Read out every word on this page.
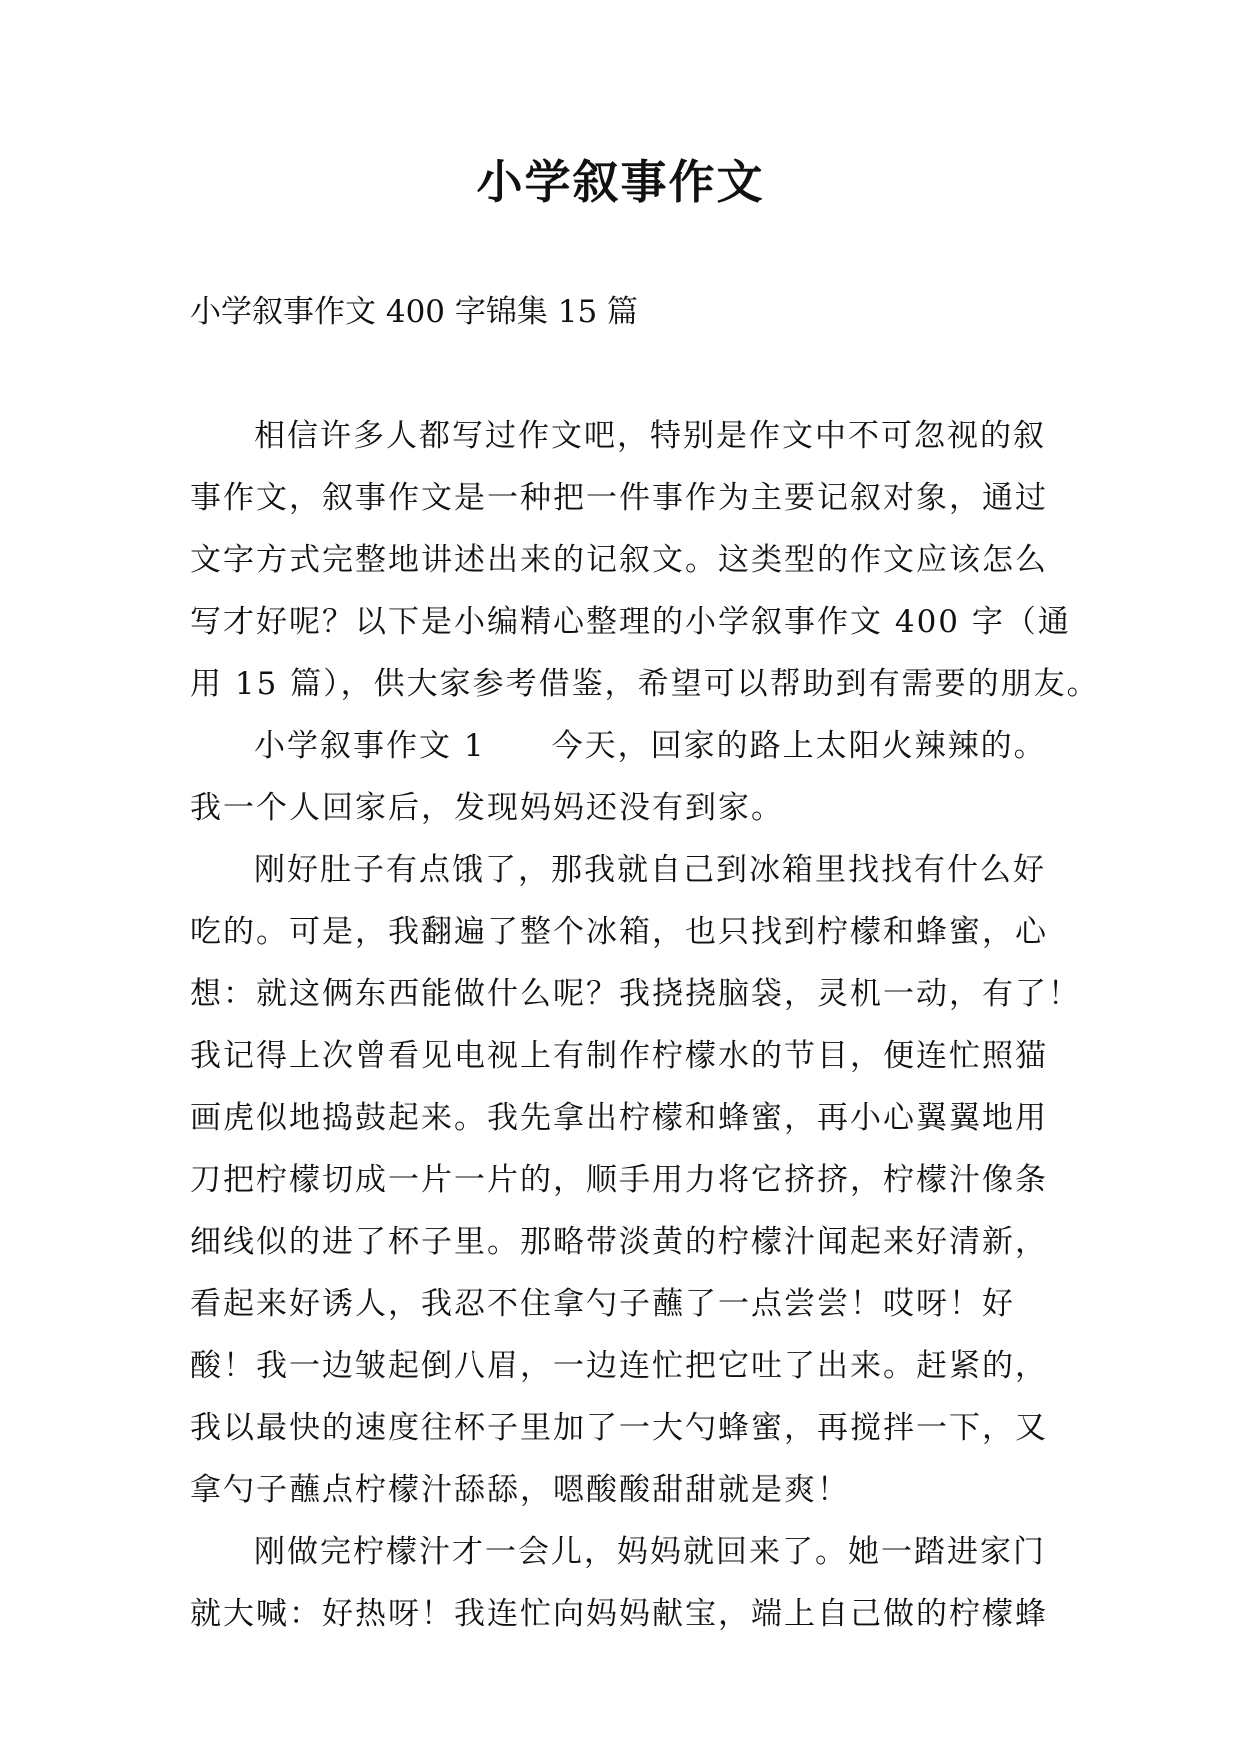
小学叙事作文
小学叙事作文 400 字锦集 15 篇
相信许多人都写过作文吧，特别是作文中不可忽视的叙
事作文，叙事作文是一种把一件事作为主要记叙对象，通过
文字方式完整地讲述出来的记叙文。这类型的作文应该怎么
写才好呢？以下是小编精心整理的小学叙事作文 400 字（通
用 15 篇），供大家参考借鉴，希望可以帮助到有需要的朋友。
小学叙事作文 1 今天，回家的路上太阳火辣辣的。
我一个人回家后，发现妈妈还没有到家。
刚好肚子有点饿了，那我就自己到冰箱里找找有什么好
吃的。可是，我翻遍了整个冰箱，也只找到柠檬和蜂蜜，心
想：就这俩东西能做什么呢？我挠挠脑袋，灵机一动，有了！
我记得上次曾看见电视上有制作柠檬水的节目，便连忙照猫
画虎似地捣鼓起来。我先拿出柠檬和蜂蜜，再小心翼翼地用
刀把柠檬切成一片一片的，顺手用力将它挤挤，柠檬汁像条
细线似的进了杯子里。那略带淡黄的柠檬汁闻起来好清新，
看起来好诱人，我忍不住拿勺子蘸了一点尝尝！哎呀！好
酸！我一边皱起倒八眉，一边连忙把它吐了出来。赶紧的，
我以最快的速度往杯子里加了一大勺蜂蜜，再搅拌一下，又
拿勺子蘸点柠檬汁舔舔，嗯酸酸甜甜就是爽！
刚做完柠檬汁才一会儿，妈妈就回来了。她一踏进家门
就大喊：好热呀！我连忙向妈妈献宝，端上自己做的柠檬蜂
